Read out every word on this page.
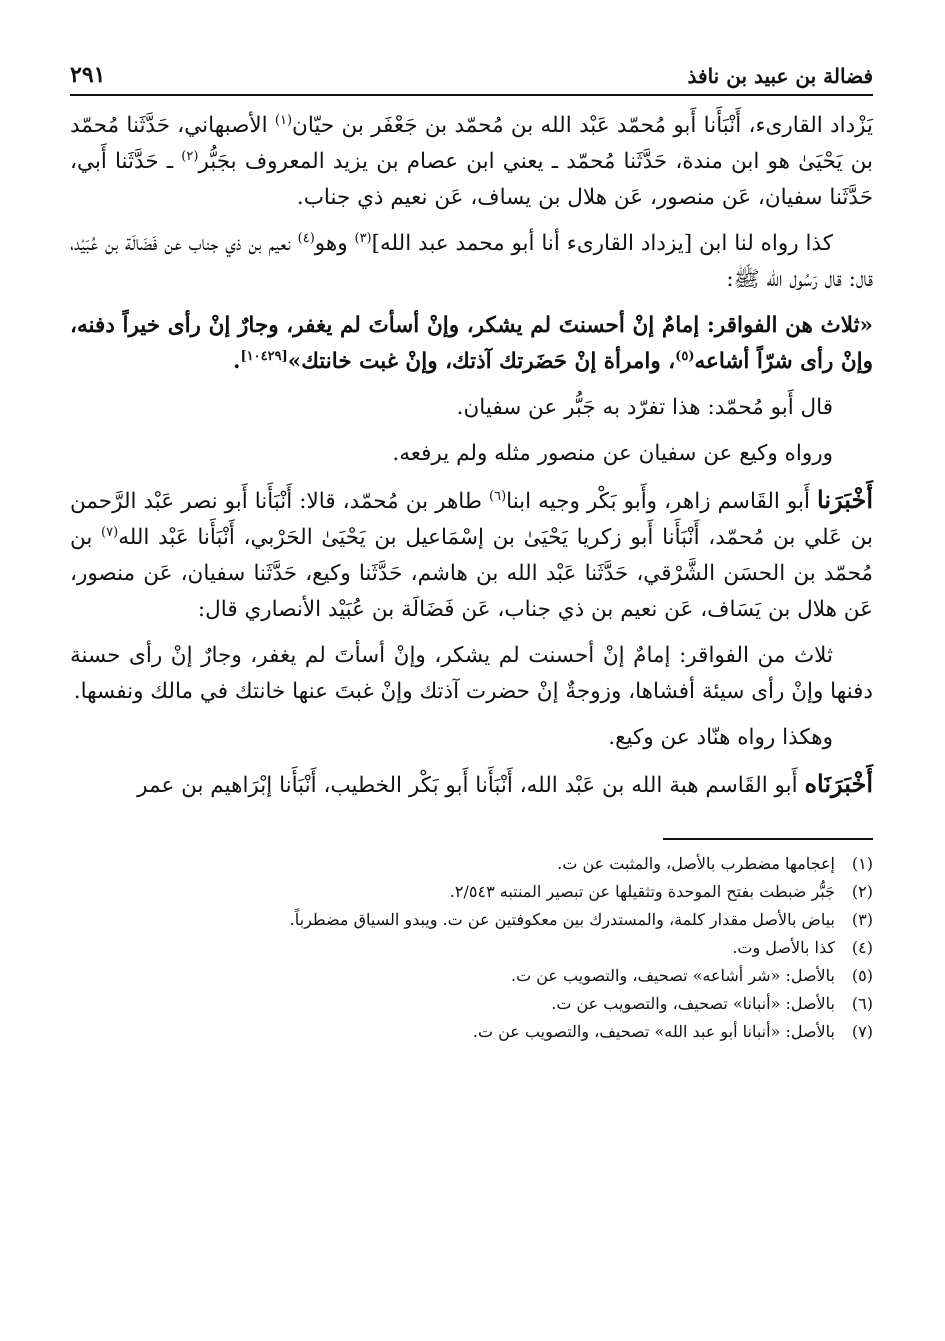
فضالة بن عبيد بن نافذ
٢٩١

يَزْداد القارىء، أَنْبَأَنا أَبو مُحمّد عَبْد الله بن مُحمّد بن جَعْفَر بن حيّان$^{(١)}$ الأصبهاني، حَدَّثَنا مُحمّد بن يَحْيَىٰ هو ابن مندة، حَدَّثَنا مُحمّد ـ يعني ابن عصام بن يزيد المعروف بجَبُّر$^{(٢)}$ ـ حَدَّثَنا أَبي، حَدَّثَنا سفيان، عَن منصور، عَن هلال بن يساف، عَن نعيم ذي جناب.

كذا رواه لنا ابن [يزداد القارىء أنا أبو محمد عبد الله]$^{(٣)}$ وهو$^{(٤)}$ نعيم بن ذي جناب عن فَضَالَة بن عُبَيْد، قال: قال رَسُول الله ﷺ:

«ثلاث هن الفواقر: إمامٌ إنْ أحسنتَ لم يشكر، وإنْ أسأتَ لم يغفر، وجارٌ إنْ رأى خيراً دفنه، وإنْ رأى شرّاً أشاعه$^{(٥)}$، وامرأة إنْ حَضَرتك آذتك، وإنْ غبت خانتك»[١٠٤٢٩].

قال أَبو مُحمّد: هذا تفرّد به جَبُّر عن سفيان.

ورواه وكيع عن سفيان عن منصور مثله ولم يرفعه.

أَخْبَرَنا أَبو القَاسم زاهر، وأَبو بَكْر وجيه ابنا$^{(٦)}$ طاهر بن مُحمّد، قالا: أَنْبَأَنا أَبو نصر عَبْد الرَّحمن بن عَلي بن مُحمّد، أَنْبَأَنا أَبو زكريا يَحْيَىٰ بن إسْمَاعيل بن يَحْيَىٰ الحَرْبي، أَنْبَأَنا عَبْد الله$^{(٧)}$ بن مُحمّد بن الحسَن الشَّرْقي، حَدَّثَنا عَبْد الله بن هاشم، حَدَّثَنا وكيع، حَدَّثَنا سفيان، عَن منصور، عَن هلال بن يَسَاف، عَن نعيم بن ذي جناب، عَن فَضَالَة بن عُبَيْد الأنصاري قال:

ثلاث من الفواقر: إمامٌ إنْ أحسنت لم يشكر، وإنْ أسأتَ لم يغفر، وجارٌ إنْ رأى حسنة دفنها وإنْ رأى سيئة أفشاها، وزوجةٌ إنْ حضرت آذتك وإنْ غبتَ عنها خانتك في مالك ونفسها.

وهكذا رواه هنّاد عن وكيع.

أَخْبَرَنَاه أَبو القَاسم هبة الله بن عَبْد الله، أَنْبَأَنا أَبو بَكْر الخطيب، أَنْبَأَنا إبْرَاهيم بن عمر

(١)
إعجامها مضطرب بالأصل، والمثبت عن ت.
(٢)
جَبُّر ضبطت بفتح الموحدة وتثقيلها عن تبصير المنتبه ٢/٥٤٣.
(٣)
بياض بالأصل مقدار كلمة، والمستدرك بين معكوفتين عن ت. ويبدو السياق مضطرباً.
(٤)
كذا بالأصل وت.
(٥)
بالأصل: «شر أشاعه» تصحيف، والتصويب عن ت.
(٦)
بالأصل: «أنبانا» تصحيف، والتصويب عن ت.
(٧)
بالأصل: «أنبانا أبو عبد الله» تصحيف، والتصويب عن ت.
